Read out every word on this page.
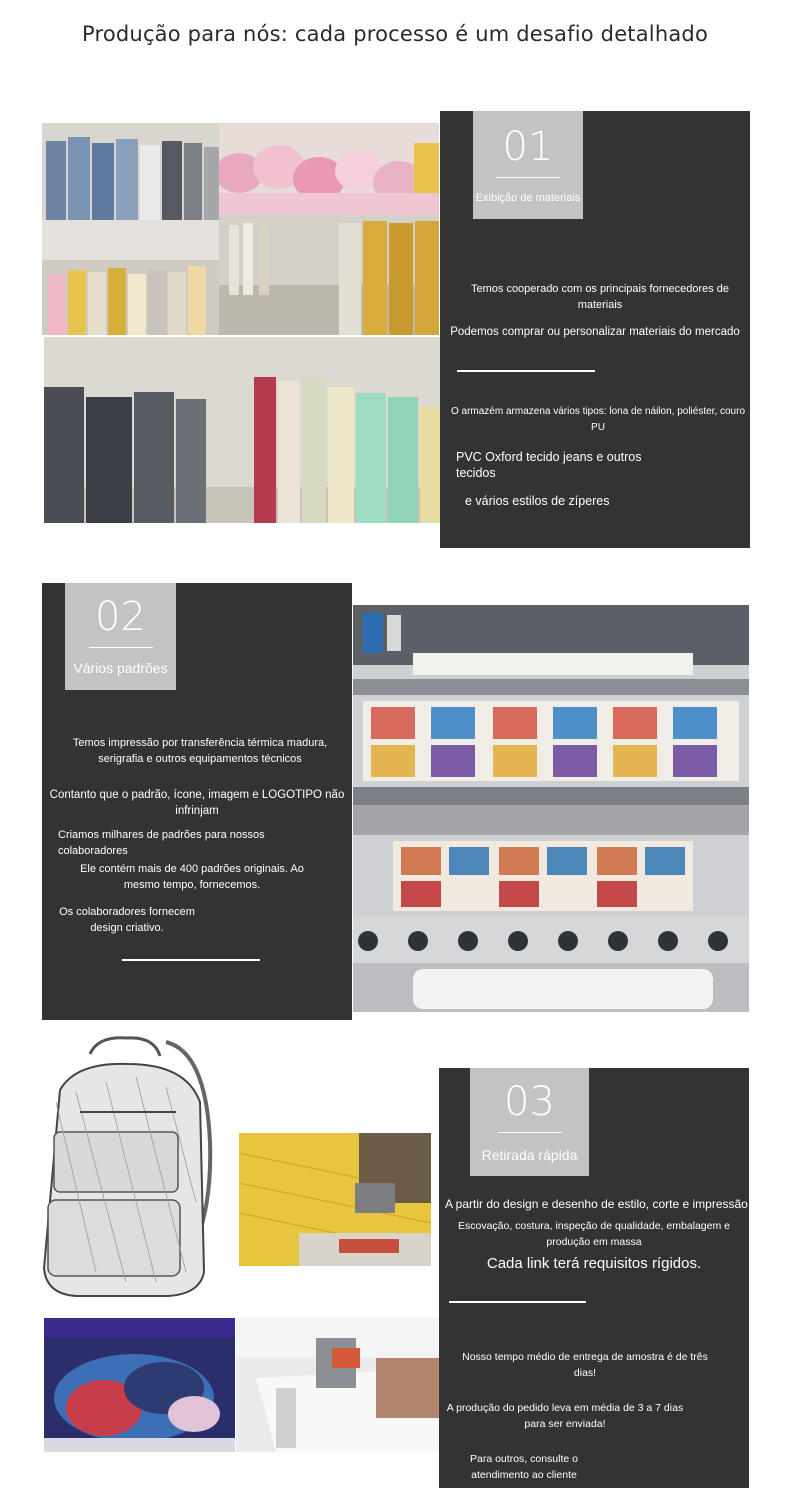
Produção para nós: cada processo é um desafio detalhado
01
Exibição de materiais
Temos cooperado com os principais fornecedores de materiais
Podemos comprar ou personalizar materiais do mercado
O armazém armazena vários tipos: lona de náilon, poliéster, couro PU
PVC Oxford tecido jeans e outros tecidos
e vários estilos de zíperes
02
Vários padrões
Temos impressão por transferência térmica madura, serigrafia e outros equipamentos técnicos
Contanto que o padrão, ícone, imagem e LOGOTIPO não infrinjam
Criamos milhares de padrões para nossos colaboradores
Ele contém mais de 400 padrões originais. Ao mesmo tempo, fornecemos.
Os colaboradores fornecem design criativo.
03
Retirada rápida
A partir do design e desenho de estilo, corte e impressão
Escovação, costura, inspeção de qualidade, embalagem e produção em massa
Cada link terá requisitos rígidos.
Nosso tempo médio de entrega de amostra é de três dias!
A produção do pedido leva em média de 3 a 7 dias para ser enviada!
Para outros, consulte o atendimento ao cliente
